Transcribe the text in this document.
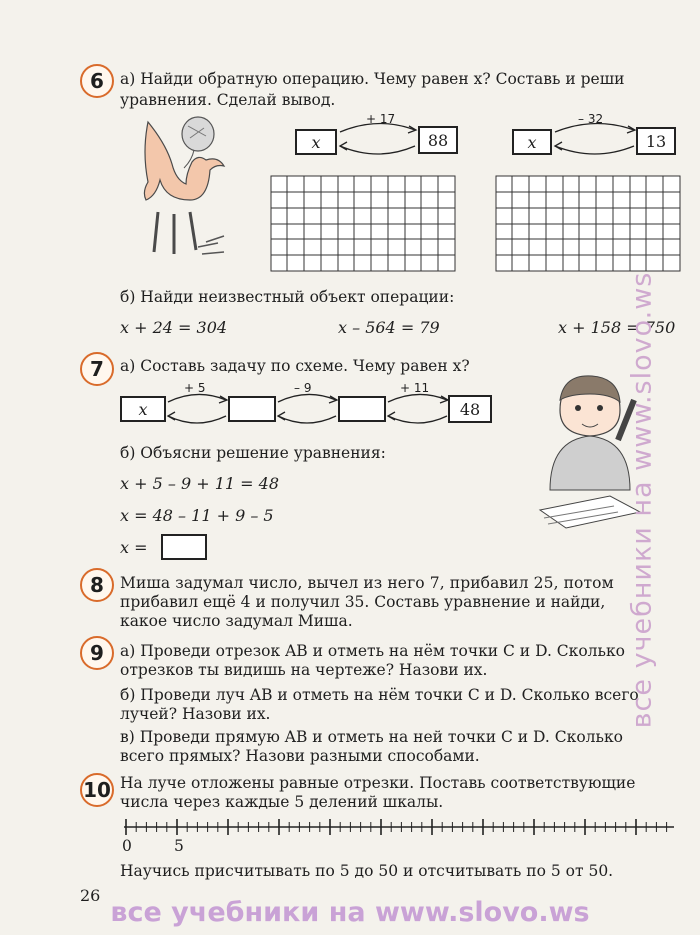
6	а) Найди обратную операцию. Чему равен x? Составь и реши
уравнения. Сделай вывод.
x
+ 17
88	x
– 32
13
б) Найди неизвестный объект операции:
x + 24 = 304	x – 564 = 79	x + 158 = 750
7	а) Составь задачу по схеме. Чему равен x?
x	48
+ 5	– 9	+ 11
б) Объясни решение уравнения:
x + 5 – 9 + 11 = 48
x = 48 – 11 + 9 – 5
x =
8	Миша задумал число, вычел из него 7, прибавил 25, потом
прибавил ещё 4 и получил 35. Составь уравнение и найди,
какое число задумал Миша.
9	а) Проведи отрезок AB и отметь на нём точки C и D. Сколько
отрезков ты видишь на чертеже? Назови их.
б) Проведи луч AB и отметь на нём точки C и D. Сколько всего
лучей? Назови их.
в) Проведи прямую AB и отметь на ней точки C и D. Сколько
всего прямых? Назови разными способами.
10 На луче отложены равные отрезки. Поставь соответствующие
числа через каждые 5 делений шкалы.
0	5
Научись присчитывать по 5 до 50 и отсчитывать по 5 от 50.
26
все учебники на www.slovo.ws
все учебники на www.slovo.ws
